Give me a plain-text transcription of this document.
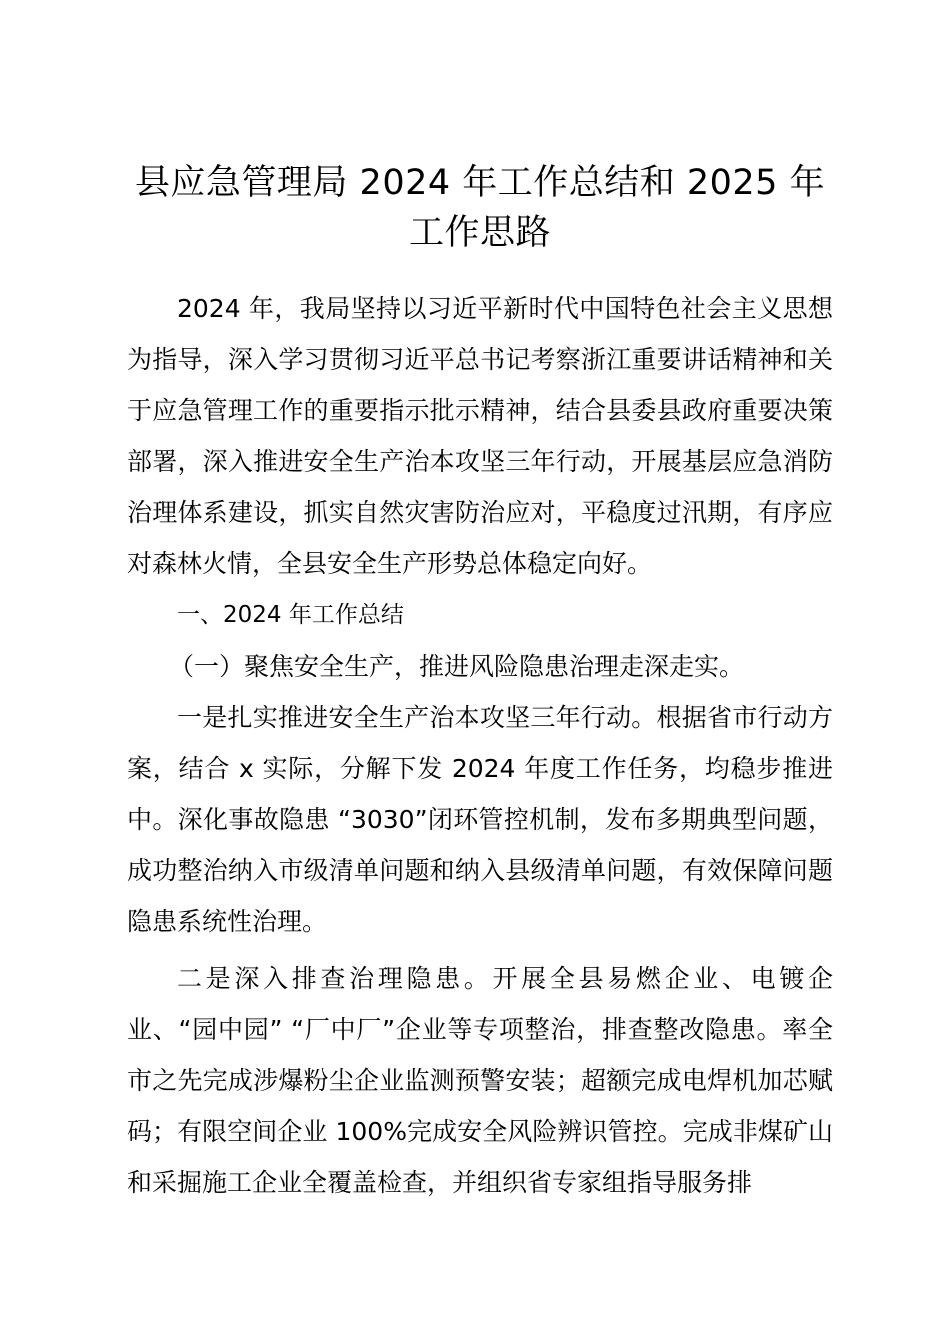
县应急管理局 2024 年工作总结和 2025 年工作思路

2024 年，我局坚持以习近平新时代中国特色社会主义思想为指导，深入学习贯彻习近平总书记考察浙江重要讲话精神和关于应急管理工作的重要指示批示精神，结合县委县政府重要决策部署，深入推进安全生产治本攻坚三年行动，开展基层应急消防治理体系建设，抓实自然灾害防治应对，平稳度过汛期，有序应对森林火情，全县安全生产形势总体稳定向好。

一、2024 年工作总结

（一）聚焦安全生产，推进风险隐患治理走深走实。

一是扎实推进安全生产治本攻坚三年行动。根据省市行动方案，结合 x 实际，分解下发 2024 年度工作任务，均稳步推进中。深化事故隐患 “3030”闭环管控机制，发布多期典型问题，成功整治纳入市级清单问题和纳入县级清单问题，有效保障问题隐患系统性治理。

二是深入排查治理隐患。开展全县易燃企业、电镀企业、“园中园” “厂中厂”企业等专项整治，排查整改隐患。率全市之先完成涉爆粉尘企业监测预警安装；超额完成电焊机加芯赋码；有限空间企业 100%完成安全风险辨识管控。完成非煤矿山和采掘施工企业全覆盖检查，并组织省专家组指导服务排
